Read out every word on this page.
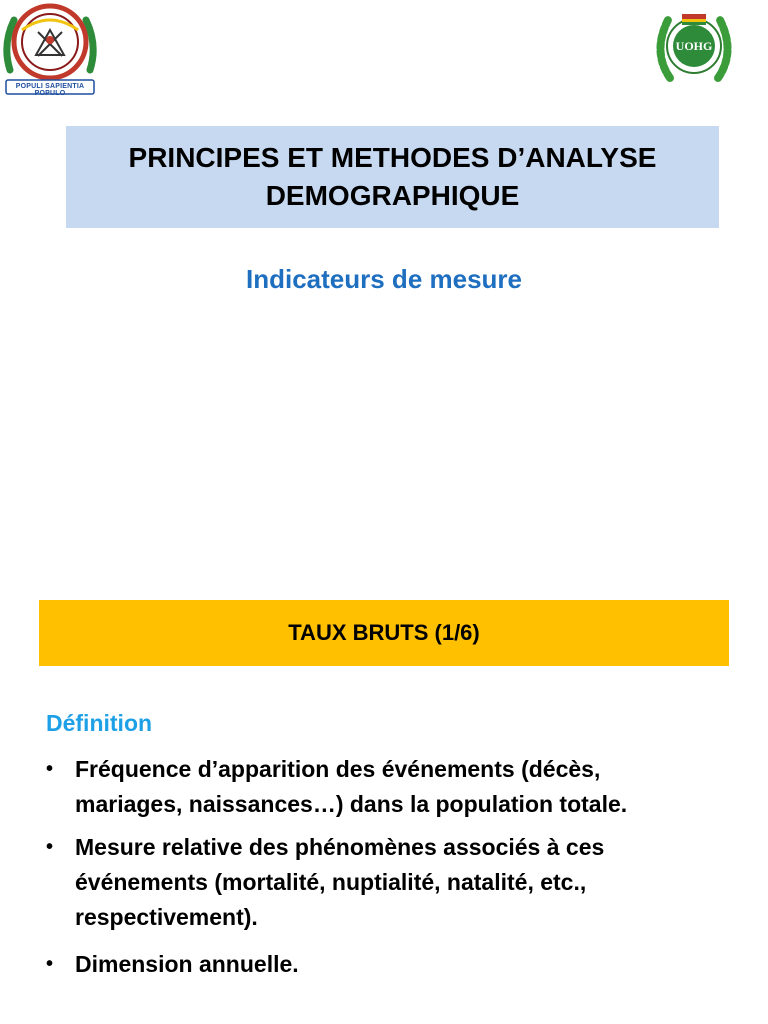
POPULI SAPIENTIA POPULO
UOHG
PRINCIPES ET METHODES D’ANALYSE
DEMOGRAPHIQUE
Indicateurs de mesure
TAUX BRUTS (1/6)
Définition
• Fréquence d’apparition des événements (décès,
mariages, naissances…) dans la population totale.
• Mesure relative des phénomènes associés à ces
événements (mortalité, nuptialité, natalité, etc.,
respectivement).
• Dimension annuelle.
